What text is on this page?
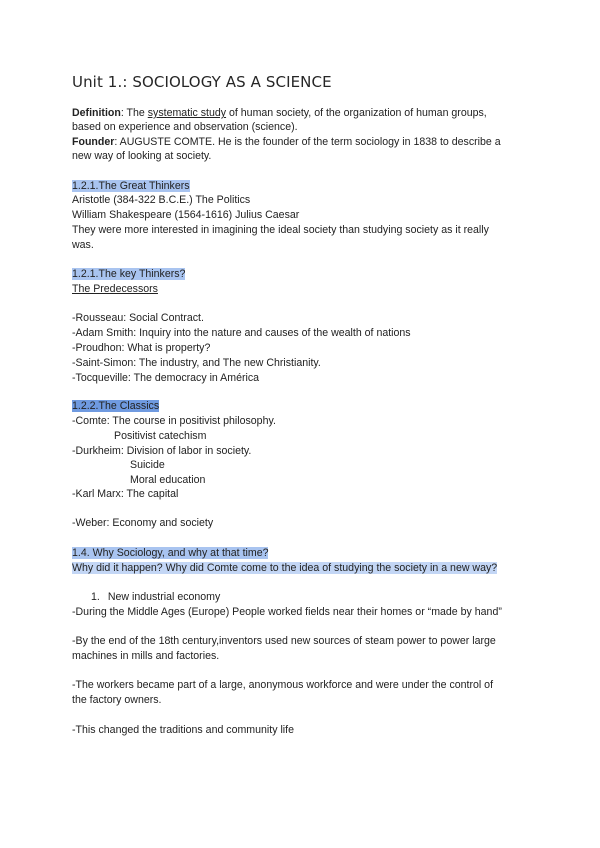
Unit 1.: SOCIOLOGY AS A SCIENCE
Definition: The systematic study of human society, of the organization of human groups,
based on experience and observation (science).
Founder: AUGUSTE COMTE. He is the founder of the term sociology in 1838 to describe a
new way of looking at society.
1.2.1.The Great Thinkers
Aristotle (384-322 B.C.E.) The Politics
William Shakespeare (1564-1616) Julius Caesar
They were more interested in imagining the ideal society than studying society as it really
was.
1.2.1.The key Thinkers?
The Predecessors
-Rousseau: Social Contract.
-Adam Smith: Inquiry into the nature and causes of the wealth of nations
-Proudhon: What is property?
-Saint-Simon: The industry, and The new Christianity.
-Tocqueville: The democracy in América
1.2.2.The Classics
-Comte: The course in positivist philosophy.
Positivist catechism
-Durkheim: Division of labor in society.
Suicide
Moral education
-Karl Marx: The capital
-Weber: Economy and society
1.4. Why Sociology, and why at that time?
Why did it happen? Why did Comte come to the idea of studying the society in a new way?
1. New industrial economy
-During the Middle Ages (Europe) People worked fields near their homes or “made by hand”
-By the end of the 18th century,inventors used new sources of steam power to power large
machines in mills and factories.
-The workers became part of a large, anonymous workforce and were under the control of
the factory owners.
-This changed the traditions and community life
